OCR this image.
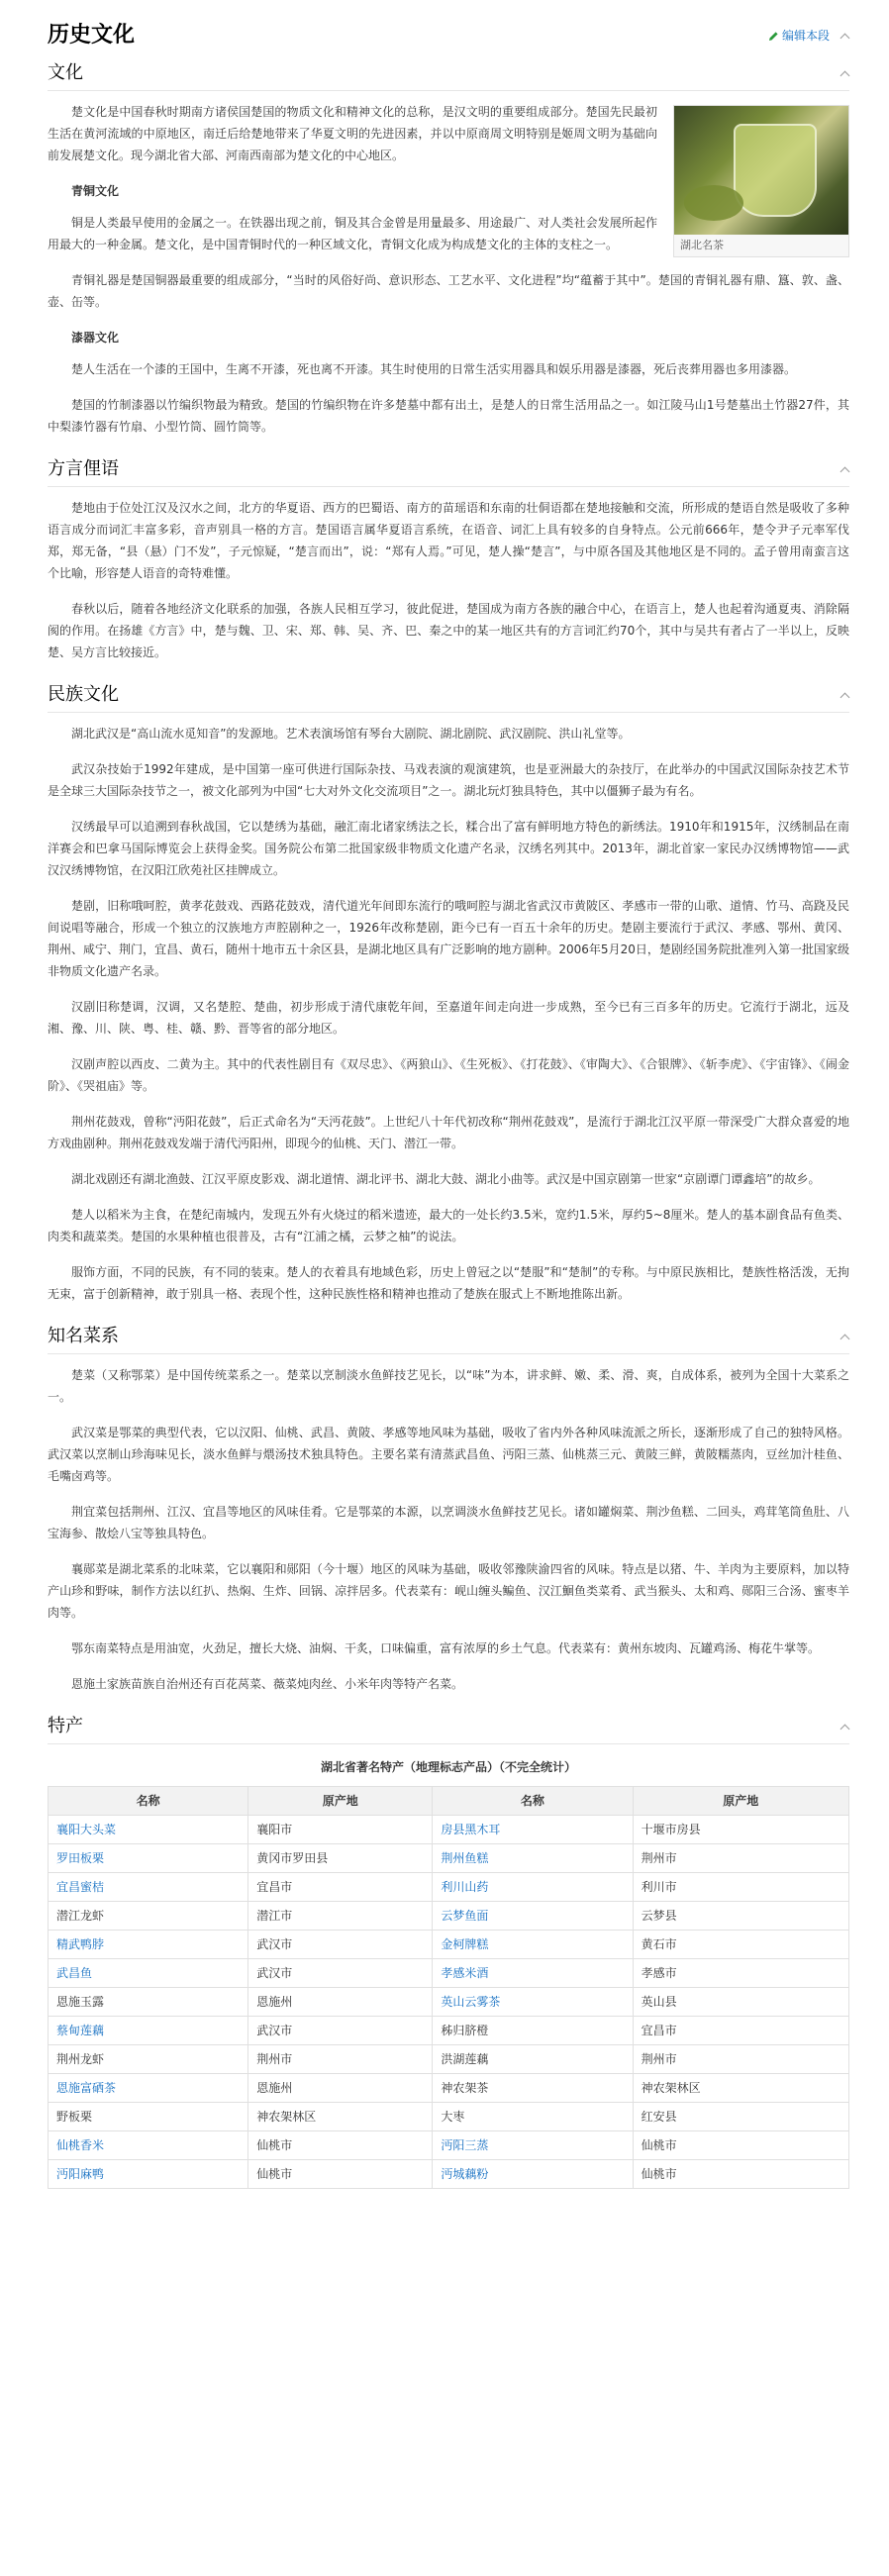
历史文化	编辑本段
文化
湖北名茶

楚文化是中国春秋时期南方诸侯国楚国的物质文化和精神文化的总称，是汉文明的重要组成部分。楚国先民最初生活在黄河流域的中原地区，南迁后给楚地带来了华夏文明的先进因素，并以中原商周文明特别是姬周文明为基础向前发展楚文化。现今湖北省大部、河南西南部为楚文化的中心地区。

青铜文化

铜是人类最早使用的金属之一。在铁器出现之前，铜及其合金曾是用量最多、用途最广、对人类社会发展所起作用最大的一种金属。楚文化，是中国青铜时代的一种区域文化，青铜文化成为构成楚文化的主体的支柱之一。

青铜礼器是楚国铜器最重要的组成部分，“当时的风俗好尚、意识形态、工艺水平、文化进程”均“蕴蓄于其中”。楚国的青铜礼器有鼎、簋、敦、盏、壶、缶等。

漆器文化

楚人生活在一个漆的王国中，生离不开漆，死也离不开漆。其生时使用的日常生活实用器具和娱乐用器是漆器，死后丧葬用器也多用漆器。

楚国的竹制漆器以竹编织物最为精致。楚国的竹编织物在许多楚墓中都有出土，是楚人的日常生活用品之一。如江陵马山1号楚墓出土竹器27件，其中梨漆竹器有竹扇、小型竹筒、圆竹筒等。

方言俚语

楚地由于位处江汉及汉水之间，北方的华夏语、西方的巴蜀语、南方的苗瑶语和东南的壮侗语都在楚地接触和交流，所形成的楚语自然是吸收了多种语言成分而词汇丰富多彩，音声别具一格的方言。楚国语言属华夏语言系统，在语音、词汇上具有较多的自身特点。公元前666年，楚令尹子元率军伐郑，郑无备，“县（悬）门不发”，子元惊疑，“楚言而出”，说：“郑有人焉。”可见，楚人操“楚言”，与中原各国及其他地区是不同的。孟子曾用南蛮言这个比喻，形容楚人语音的奇特难懂。

春秋以后，随着各地经济文化联系的加强，各族人民相互学习，彼此促进，楚国成为南方各族的融合中心，在语言上，楚人也起着沟通夏夷、消除隔阂的作用。在扬雄《方言》中，楚与魏、卫、宋、郑、韩、吴、齐、巴、秦之中的某一地区共有的方言词汇约70个，其中与吴共有者占了一半以上，反映楚、吴方言比较接近。

民族文化

湖北武汉是“高山流水觅知音”的发源地。艺术表演场馆有琴台大剧院、湖北剧院、武汉剧院、洪山礼堂等。

武汉杂技始于1992年建成，是中国第一座可供进行国际杂技、马戏表演的观演建筑，也是亚洲最大的杂技厅，在此举办的中国武汉国际杂技艺术节是全球三大国际杂技节之一，被文化部列为中国“七大对外文化交流项目”之一。湖北玩灯独具特色，其中以僵狮子最为有名。

汉绣最早可以追溯到春秋战国，它以楚绣为基础，融汇南北诸家绣法之长，糅合出了富有鲜明地方特色的新绣法。1910年和1915年，汉绣制品在南洋赛会和巴拿马国际博览会上获得金奖。国务院公布第二批国家级非物质文化遗产名录，汉绣名列其中。2013年，湖北首家一家民办汉绣博物馆——武汉汉绣博物馆，在汉阳江欣苑社区挂牌成立。

楚剧，旧称哦呵腔，黄孝花鼓戏、西路花鼓戏，清代道光年间即东流行的哦呵腔与湖北省武汉市黄陂区、孝感市一带的山歌、道情、竹马、高跷及民间说唱等融合，形成一个独立的汉族地方声腔剧种之一，1926年改称楚剧，距今已有一百五十余年的历史。楚剧主要流行于武汉、孝感、鄂州、黄冈、荆州、咸宁、荆门，宜昌、黄石，随州十地市五十余区县，是湖北地区具有广泛影响的地方剧种。2006年5月20日，楚剧经国务院批准列入第一批国家级非物质文化遗产名录。

汉剧旧称楚调，汉调，又名楚腔、楚曲，初步形成于清代康乾年间，至嘉道年间走向进一步成熟，至今已有三百多年的历史。它流行于湖北，远及湘、豫、川、陕、粤、桂、赣、黔、晋等省的部分地区。

汉剧声腔以西皮、二黄为主。其中的代表性剧目有《双尽忠》、《两狼山》、《生死板》、《打花鼓》、《审陶大》、《合银牌》、《斩李虎》、《宇宙锋》、《闹金阶》、《哭祖庙》等。

荆州花鼓戏，曾称“沔阳花鼓”，后正式命名为“天沔花鼓”。上世纪八十年代初改称“荆州花鼓戏”，是流行于湖北江汉平原一带深受广大群众喜爱的地方戏曲剧种。荆州花鼓戏发端于清代沔阳州，即现今的仙桃、天门、潜江一带。

湖北戏剧还有湖北渔鼓、江汉平原皮影戏、湖北道情、湖北评书、湖北大鼓、湖北小曲等。武汉是中国京剧第一世家“京剧谭门谭鑫培”的故乡。

楚人以稻米为主食，在楚纪南城内，发现五外有火烧过的稻米遗迹，最大的一处长约3.5米，宽约1.5米，厚约5~8厘米。楚人的基本副食品有鱼类、肉类和蔬菜类。楚国的水果种植也很普及，古有“江浦之橘，云梦之柚”的说法。

服饰方面，不同的民族，有不同的装束。楚人的衣着具有地域色彩，历史上曾冠之以“楚服”和“楚制”的专称。与中原民族相比，楚族性格活泼，无拘无束，富于创新精神，敢于别具一格、表现个性，这种民族性格和精神也推动了楚族在服式上不断地推陈出新。

知名菜系

楚菜（又称鄂菜）是中国传统菜系之一。楚菜以烹制淡水鱼鲜技艺见长，以“味”为本，讲求鲜、嫩、柔、滑、爽，自成体系，被列为全国十大菜系之一。

武汉菜是鄂菜的典型代表，它以汉阳、仙桃、武昌、黄陂、孝感等地风味为基础，吸收了省内外各种风味流派之所长，逐渐形成了自己的独特风格。武汉菜以烹制山珍海味见长，淡水鱼鲜与煨汤技术独具特色。主要名菜有清蒸武昌鱼、沔阳三蒸、仙桃蒸三元、黄陂三鲜，黄陂糯蒸肉，豆丝加汁桂鱼、毛嘴卤鸡等。

荆宜菜包括荆州、江汉、宜昌等地区的风味佳肴。它是鄂菜的本源，以烹调淡水鱼鲜技艺见长。诸如罐焖菜、荆沙鱼糕、二回头，鸡茸笔筒鱼肚、八宝海参、散烩八宝等独具特色。

襄郧菜是湖北菜系的北味菜，它以襄阳和郧阳（今十堰）地区的风味为基础，吸收邻豫陕渝四省的风味。特点是以猪、牛、羊肉为主要原料，加以特产山珍和野味，制作方法以红扒、热焖、生炸、回锅、凉拌居多。代表菜有：岘山缠头鳊鱼、汉江鮰鱼类菜肴、武当猴头、太和鸡、郧阳三合汤、蜜枣羊肉等。

鄂东南菜特点是用油宽，火劲足，擅长大烧、油焖、干炙，口味偏重，富有浓厚的乡土气息。代表菜有：黄州东坡肉、瓦罐鸡汤、梅花牛掌等。

恩施土家族苗族自治州还有百花莴菜、薇菜炖肉丝、小米年肉等特产名菜。

特产
湖北省著名特产（地理标志产品）（不完全统计）
名称	原产地	名称	原产地
襄阳大头菜	襄阳市	房县黑木耳	十堰市房县
罗田板栗	黄冈市罗田县	荆州鱼糕	荆州市
宜昌蜜桔	宜昌市	利川山药	利川市
潜江龙虾	潜江市	云梦鱼面	云梦县
精武鸭脖	武汉市	金柯牌糕	黄石市
武昌鱼	武汉市	孝感米酒	孝感市
恩施玉露	恩施州	英山云雾茶	英山县
蔡甸莲藕	武汉市	秭归脐橙	宜昌市
荆州龙虾	荆州市	洪湖莲藕	荆州市
恩施富硒茶	恩施州	神农架茶	神农架林区
野板栗	神农架林区	大枣	红安县
仙桃香米	仙桃市	沔阳三蒸	仙桃市
沔阳麻鸭	仙桃市	沔城藕粉	仙桃市
